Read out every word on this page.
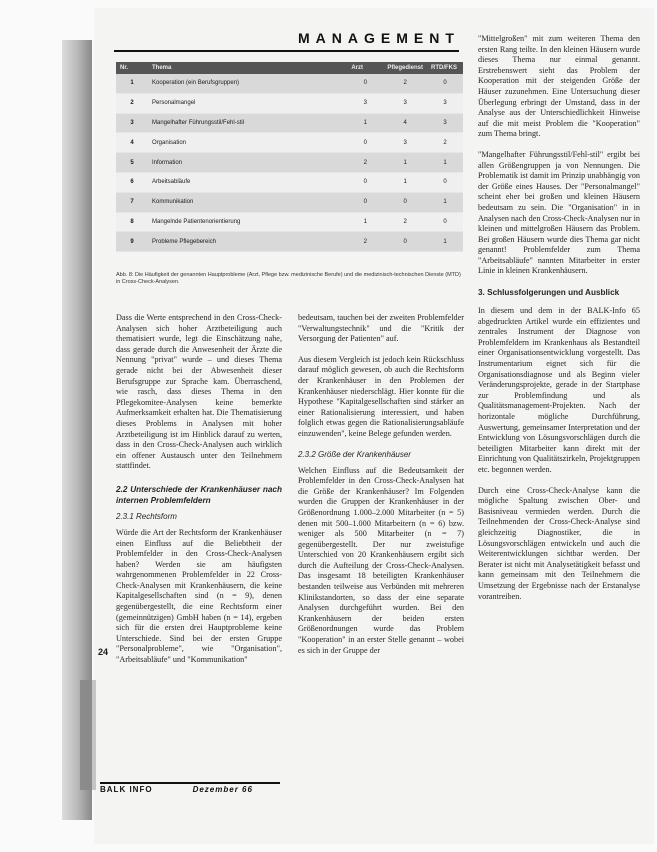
MANAGEMENT
Nr.	Thema	Arzt	Pflegedienst	RTD/FKS
1	Kooperation (ein Berufsgruppen)	0	2	0
2	Personalmangel	3	3	3
3	Mangelhafter Führungsstil/Fehl-stil	1	4	3
4	Organisation	0	3	2
5	Information	2	1	1
6	Arbeitsabläufe	0	1	0
7	Kommunikation	0	0	1
8	Mangelnde Patientenorientierung	1	2	0
9	Probleme Pflegebereich	2	0	1
Abb. 8: Die Häufigkeit der genannten Hauptprobleme (Arzt, Pflege bzw. medizinische Berufe) und die medizinisch-technischen Dienste (MTD) in Cross-Check-Analysen.

Dass die Werte entsprechend in den Cross-Check-Analysen sich hoher Arztbeteiligung auch thematisiert wurde, legt die Einschätzung nahe, dass gerade durch die Anwesenheit der Ärzte die Nennung "privat" wurde – und dieses Thema gerade nicht bei der Abwesenheit dieser Berufsgruppe zur Sprache kam. Überraschend, wie rasch, dass dieses Thema in den Pflegekomitee-Analysen keine bemerkte Aufmerksamkeit erhalten hat. Die Thematisierung dieses Problems in Analysen mit hoher Arztbeteiligung ist im Hinblick darauf zu werten, dass in den Cross-Check-Analysen auch wirklich ein offener Austausch unter den Teilnehmern stattfindet.

2.2 Unterschiede der Krankenhäuser nach internen Problemfeldern
2.3.1 Rechtsform

Würde die Art der Rechtsform der Krankenhäuser einen Einfluss auf die Beliebtheit der Problemfelder in den Cross-Check-Analysen haben? Werden sie am häufigsten wahrgenommenen Problemfelder in 22 Cross-Check-Analysen mit Krankenhäusern, die keine Kapitalgesellschaften sind (n = 9), denen gegenübergestellt, die eine Rechtsform einer (gemeinnützigen) GmbH haben (n = 14), ergeben sich für die ersten drei Hauptprobleme keine Unterschiede. Sind bei der ersten Gruppe "Personalprobleme", wie "Organisation", "Arbeitsabläufe" und "Kommunikation"

bedeutsam, tauchen bei der zweiten Problemfelder "Verwaltungstechnik" und die "Kritik der Versorgung der Patienten" auf.

Aus diesem Vergleich ist jedoch kein Rückschluss darauf möglich gewesen, ob auch die Rechtsform der Krankenhäuser in den Problemen der Krankenhäuser niederschlägt. Hier konnte für die Hypothese "Kapitalgesellschaften sind stärker an einer Rationalisierung interessiert, und haben folglich etwas gegen die Rationalisierungsabläufe einzuwenden", keine Belege gefunden werden.

2.3.2 Größe der Krankenhäuser

Welchen Einfluss auf die Bedeutsamkeit der Problemfelder in den Cross-Check-Analysen hat die Größe der Krankenhäuser? Im Folgenden wurden die Gruppen der Krankenhäuser in der Größenordnung 1.000–2.000 Mitarbeiter (n = 5) denen mit 500–1.000 Mitarbeitern (n = 6) bzw. weniger als 500 Mitarbeiter (n = 7) gegenübergestellt. Der nur zweistufige Unterschied von 20 Krankenhäusern ergibt sich durch die Aufteilung der Cross-Check-Analysen. Das insgesamt 18 beteiligten Krankenhäuser bestanden teilweise aus Verbünden mit mehreren Klinikstandorten, so dass der eine separate Analysen durchgeführt wurden. Bei den Krankenhäusern der beiden ersten Größenordnungen wurde das Problem "Kooperation" in an erster Stelle genannt – wobei es sich in der Gruppe der

"Mittelgroßen" mit zum weiteren Thema den ersten Rang teilte. In den kleinen Häusern wurde dieses Thema nur einmal genannt. Erstrebenswert sieht das Problem der Kooperation mit der steigenden Größe der Häuser zuzunehmen. Eine Untersuchung dieser Überlegung erbringt der Umstand, dass in der Analyse aus der Unterschiedlichkeit Hinweise auf die mit meist Problem die "Kooperation" zum Thema bringt.

"Mangelhafter Führungsstil/Fehl-stil" ergibt bei allen Größengruppen ja von Nennungen. Die Problematik ist damit im Prinzip unabhängig von der Größe eines Hauses. Der "Personalmangel" scheint eher bei großen und kleinen Häusern bedeutsam zu sein. Die "Organisation" in in Analysen nach den Cross-Check-Analysen nur in kleinen und mittelgroßen Häusern das Problem. Bei großen Häusern wurde dies Thema gar nicht genannt! Problemfelder zum Thema "Arbeitsabläufe" nannten Mitarbeiter in erster Linie in kleinen Krankenhäusern.

3. Schlussfolgerungen und Ausblick

In diesem und dem in der BALK-Info 65 abgedruckten Artikel wurde ein effizientes und zentrales Instrument der Diagnose von Problemfeldern im Krankenhaus als Bestandteil einer Organisationsentwicklung vorgestellt. Das Instrumentarium eignet sich für die Organisationsdiagnose und als Beginn vieler Veränderungsprojekte, gerade in der Startphase zur Problemfindung und als Qualitätsmanagement-Projekten. Nach der horizontale mögliche Durchführung, Auswertung, gemeinsamer Interpretation und der Entwicklung von Lösungsvorschlägen durch die beteiligten Mitarbeiter kann direkt mit der Einrichtung von Qualitätszirkeln, Projektgruppen etc. begonnen werden.

Durch eine Cross-Check-Analyse kann die mögliche Spaltung zwischen Ober- und Basisniveau vermieden werden. Durch die Teilnehmenden der Cross-Check-Analyse sind gleichzeitig Diagnostiker, die in Lösungsvorschlägen entwickeln und auch die Weiterentwicklungen sichtbar werden. Der Berater ist nicht mit Analysetätigkeit befasst und kann gemeinsam mit den Teilnehmern die Umsetzung der Ergebnisse nach der Erstanalyse vorantreiben.

24
BALK INFO	Dezember 66
